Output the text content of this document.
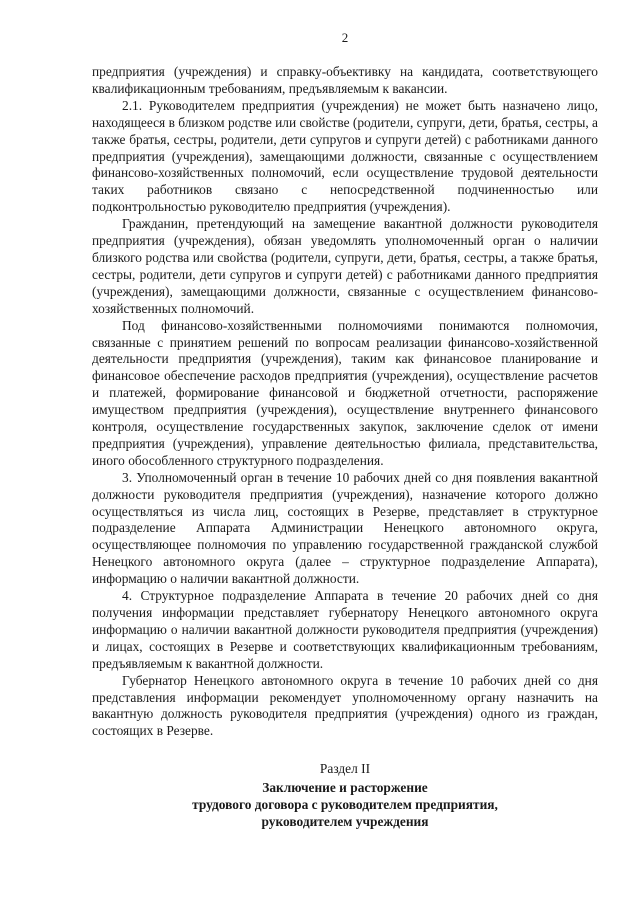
2

предприятия (учреждения) и справку-объективку на кандидата, соответствующего квалификационным требованиям, предъявляемым к вакансии.

2.1. Руководителем предприятия (учреждения) не может быть назначено лицо, находящееся в близком родстве или свойстве (родители, супруги, дети, братья, сестры, а также братья, сестры, родители, дети супругов и супруги детей) с работниками данного предприятия (учреждения), замещающими должности, связанные с осуществлением финансово-хозяйственных полномочий, если осуществление трудовой деятельности таких работников связано с непосредственной подчиненностью или подконтрольностью руководителю предприятия (учреждения).

Гражданин, претендующий на замещение вакантной должности руководителя предприятия (учреждения), обязан уведомлять уполномоченный орган о наличии близкого родства или свойства (родители, супруги, дети, братья, сестры, а также братья, сестры, родители, дети супругов и супруги детей) с работниками данного предприятия (учреждения), замещающими должности, связанные с осуществлением финансово-хозяйственных полномочий.

Под финансово-хозяйственными полномочиями понимаются полномочия, связанные с принятием решений по вопросам реализации финансово-хозяйственной деятельности предприятия (учреждения), таким как финансовое планирование и финансовое обеспечение расходов предприятия (учреждения), осуществление расчетов и платежей, формирование финансовой и бюджетной отчетности, распоряжение имуществом предприятия (учреждения), осуществление внутреннего финансового контроля, осуществление государственных закупок, заключение сделок от имени предприятия (учреждения), управление деятельностью филиала, представительства, иного обособленного структурного подразделения.

3. Уполномоченный орган в течение 10 рабочих дней со дня появления вакантной должности руководителя предприятия (учреждения), назначение которого должно осуществляться из числа лиц, состоящих в Резерве, представляет в структурное подразделение Аппарата Администрации Ненецкого автономного округа, осуществляющее полномочия по управлению государственной гражданской службой Ненецкого автономного округа (далее – структурное подразделение Аппарата), информацию о наличии вакантной должности.

4. Структурное подразделение Аппарата в течение 20 рабочих дней со дня получения информации представляет губернатору Ненецкого автономного округа информацию о наличии вакантной должности руководителя предприятия (учреждения) и лицах, состоящих в Резерве и соответствующих квалификационным требованиям, предъявляемым к вакантной должности.

Губернатор Ненецкого автономного округа в течение 10 рабочих дней со дня представления информации рекомендует уполномоченному органу назначить на вакантную должность руководителя предприятия (учреждения) одного из граждан, состоящих в Резерве.

Раздел II

Заключение и расторжение

трудового договора с руководителем предприятия,

руководителем учреждения
